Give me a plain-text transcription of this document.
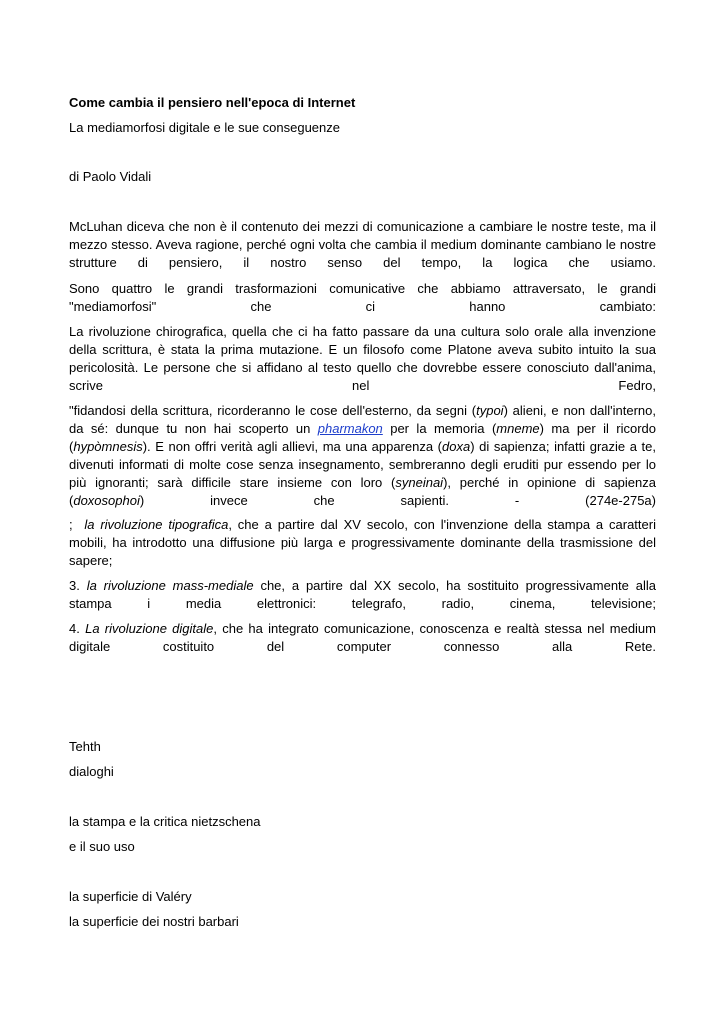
Come cambia il pensiero nell'epoca di Internet
La mediamorfosi digitale e le sue conseguenze
di Paolo Vidali
McLuhan diceva che non è il contenuto dei mezzi di comunicazione a cambiare le nostre teste, ma il mezzo stesso. Aveva ragione, perché ogni volta che cambia il medium dominante cambiano le nostre strutture di pensiero, il nostro senso del tempo, la logica che usiamo.
Sono quattro le grandi trasformazioni comunicative che abbiamo attraversato, le grandi "mediamorfosi" che ci hanno cambiato:
La rivoluzione chirografica, quella che ci ha fatto passare da una cultura solo orale alla invenzione della scrittura, è stata la prima mutazione. E un filosofo come Platone aveva subito intuito la sua pericolosità. Le persone che si affidano al testo quello che dovrebbe essere conosciuto dall'anima, scrive nel Fedro,
"fidandosi della scrittura, ricorderanno le cose dell'esterno, da segni (typoi) alieni, e non dall'interno, da sé: dunque tu non hai scoperto un pharmakon per la memoria (mneme) ma per il ricordo (hypòmnesis). E non offri verità agli allievi, ma una apparenza (doxa) di sapienza; infatti grazie a te, divenuti informati di molte cose senza insegnamento, sembreranno degli eruditi pur essendo per lo più ignoranti; sarà difficile stare insieme con loro (syneinai), perché in opinione di sapienza (doxosophoi) invece che sapienti. - (274e-275a)
;  la rivoluzione tipografica, che a partire dal XV secolo, con l'invenzione della stampa a caratteri mobili, ha introdotto una diffusione più larga e progressivamente dominante della trasmissione del sapere;
3. la rivoluzione mass-mediale che, a partire dal XX secolo, ha sostituito progressivamente alla stampa i media elettronici: telegrafo, radio, cinema, televisione;
4. La rivoluzione digitale, che ha integrato comunicazione, conoscenza e realtà stessa nel medium digitale costituito del computer connesso alla Rete.
Tehth
dialoghi
la stampa e la critica nietzschena
e il suo uso
la superficie di Valéry
la superficie dei nostri barbari
